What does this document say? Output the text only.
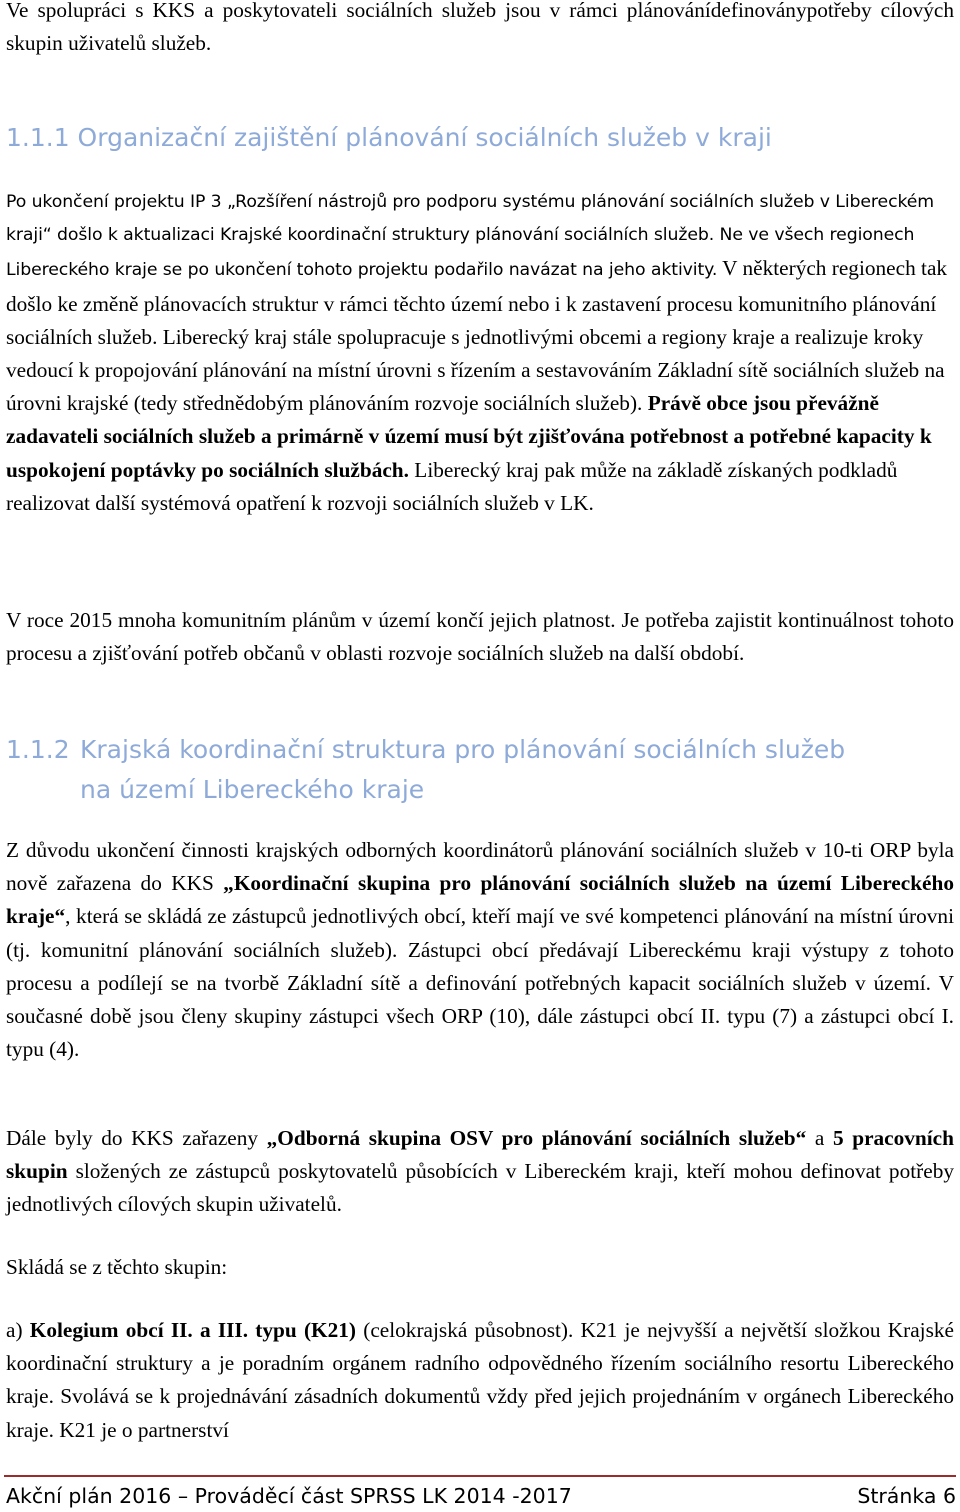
Ve spolupráci s KKS a poskytovateli sociálních služeb jsou v rámci plánovánídefinoványpotřeby cílových skupin uživatelů služeb.

1.1.1 Organizační zajištění plánování sociálních služeb v kraji

Po ukončení projektu IP 3 „Rozšíření nástrojů pro podporu systému plánování sociálních služeb v Libereckém kraji“ došlo k aktualizaci Krajské koordinační struktury plánování sociálních služeb. Ne ve všech regionech Libereckého kraje se po ukončení tohoto projektu podařilo navázat na jeho aktivity. V některých regionech tak došlo ke změně plánovacích struktur v rámci těchto území nebo i k zastavení procesu komunitního plánování sociálních služeb. Liberecký kraj stále spolupracuje s jednotlivými obcemi a regiony kraje a realizuje kroky vedoucí k propojování plánování na místní úrovni s řízením a sestavováním Základní sítě sociálních služeb na úrovni krajské (tedy střednědobým plánováním rozvoje sociálních služeb). Právě obce jsou převážně zadavateli sociálních služeb a primárně v území musí být zjišťována potřebnost a potřebné kapacity k uspokojení poptávky po sociálních službách. Liberecký kraj pak může na základě získaných podkladů realizovat další systémová opatření k rozvoji sociálních služeb v LK.

V roce 2015 mnoha komunitním plánům v území končí jejich platnost. Je potřeba zajistit kontinuálnost tohoto procesu a zjišťování potřeb občanů v oblasti rozvoje sociálních služeb na další období.

1.1.2 Krajská koordinační struktura pro plánování sociálních služeb
na území Libereckého kraje

Z důvodu ukončení činnosti krajských odborných koordinátorů plánování sociálních služeb v 10-ti ORP byla nově zařazena do KKS „Koordinační skupina pro plánování sociálních služeb na území Libereckého kraje“, která se skládá ze zástupců jednotlivých obcí, kteří mají ve své kompetenci plánování na místní úrovni (tj. komunitní plánování sociálních služeb). Zástupci obcí předávají Libereckému kraji výstupy z tohoto procesu a podílejí se na tvorbě Základní sítě a definování potřebných kapacit sociálních služeb v území. V současné době jsou členy skupiny zástupci všech ORP (10), dále zástupci obcí II. typu (7) a zástupci obcí I. typu (4).

Dále byly do KKS zařazeny „Odborná skupina OSV pro plánování sociálních služeb“ a 5 pracovních skupin složených ze zástupců poskytovatelů působících v Libereckém kraji, kteří mohou definovat potřeby jednotlivých cílových skupin uživatelů.

Skládá se z těchto skupin:

a) Kolegium obcí II. a III. typu (K21) (celokrajská působnost). K21 je nejvyšší a největší složkou Krajské koordinační struktury a je poradním orgánem radního odpovědného řízením sociálního resortu Libereckého kraje. Svolává se k projednávání zásadních dokumentů vždy před jejich projednáním v orgánech Libereckého kraje. K21 je o partnerství

Akční plán 2016 – Prováděcí část SPRSS LK 2014 -2017	Stránka 6
